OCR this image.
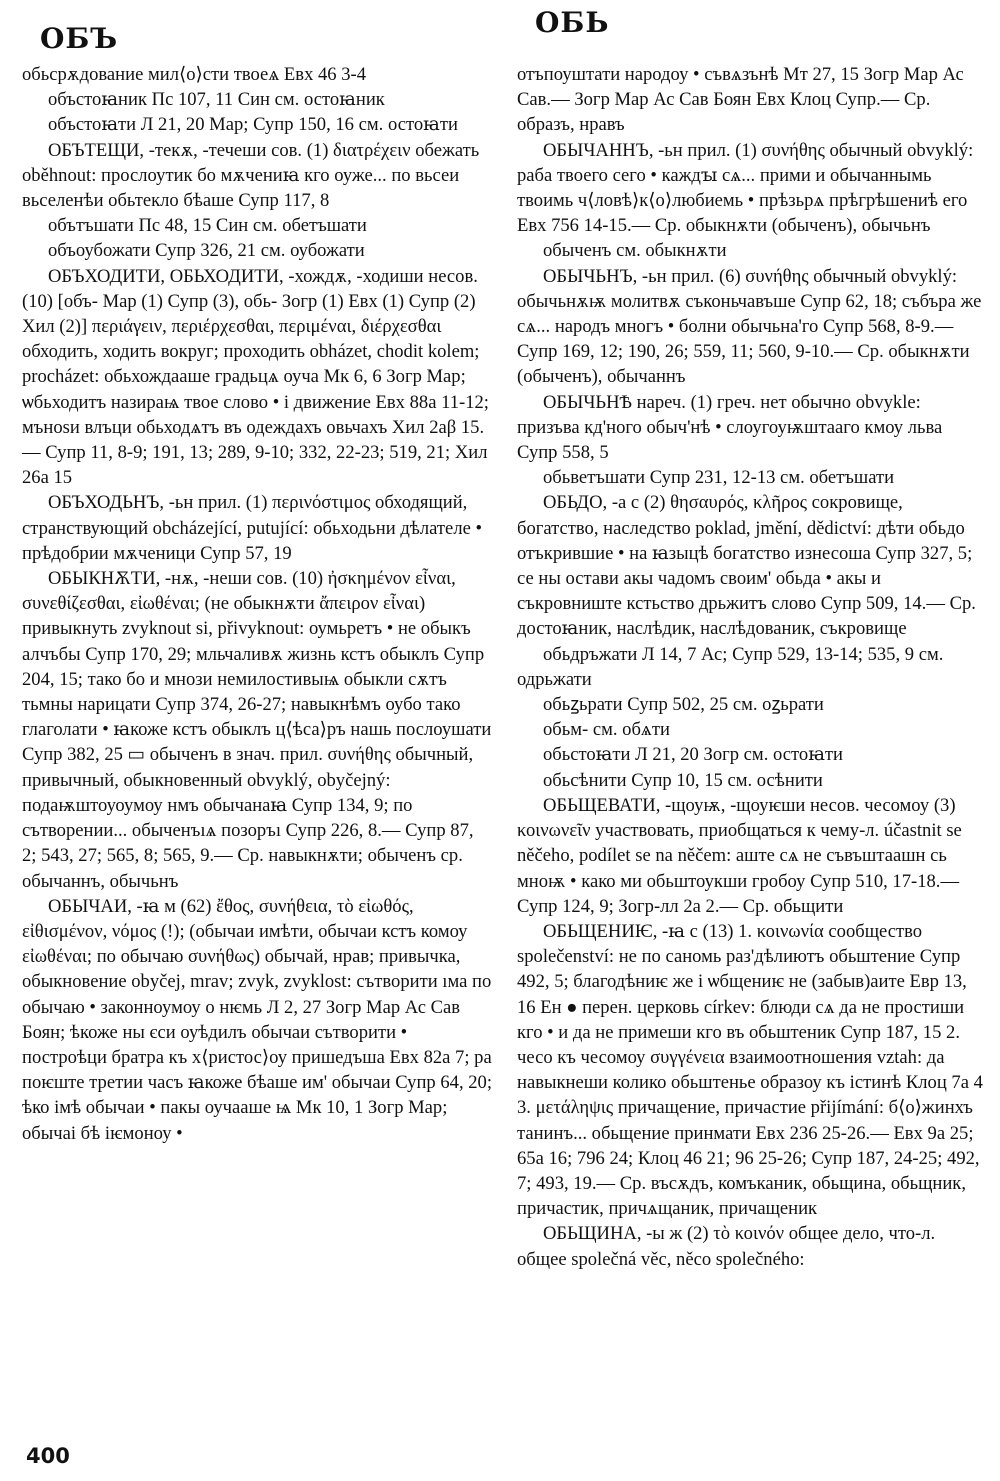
ОБЪ	ОБЬ

обьсрѫдование мил⟨о⟩сти твоеѧ Евх 46 3-4

объстоꙗник Пс 107, 11 Син см. остоꙗник

объстоꙗти Л 21, 20 Мар; Супр 150, 16 см. остоꙗти

ОБЪТЕЩИ, -текѫ, -течеши сов. (1) διατρέχειν обежать oběhnout: прослоутик бо мѫчениꙗ кго оуже... по вьсеи вьселенѣи обьтекло бѣаше Супр 117, 8

обътъшати Пс 48, 15 Син см. обетъшати

объоубожати Супр 326, 21 см. оубожати

ОБЪХОДИТИ, ОБЬХОДИТИ, -хождѫ, -ходиши несов. (10) [объ- Мар (1) Супр (3), обь- Зогр (1) Евх (1) Супр (2) Хил (2)] περιάγειν, περιέρχεσθαι, περιμέναι, διέρχεσθαι обходить, ходить вокруг; проходить obházet, chodit kolem; procházet: обьхождааше градьцѧ оуча Мк 6, 6 Зогр Мар; ѡбьходитъ назираѩ твое слово • і движение Евх 88а 11-12; мъноѕи влъци обьходѧтъ въ одеждахъ овьчахъ Хил 2aβ 15.— Супр 11, 8-9; 191, 13; 289, 9-10; 332, 22-23; 519, 21; Хил 26а 15

ОБЪХОДЬНЪ, -ьн прил. (1) περινόστιμος обходящий, странствующий obcházející, putující: обьходьни дѣлателе • прѣдобрии мѫченици Супр 57, 19

ОБЫКНѪТИ, -нѫ, -неши сов. (10) ἠσκημένον εἶναι, συνεθίζεσθαι, εἰωθέναι; (не обыкнѫти ἄπειρον εἶναι) привыкнуть zvyknout si, přivyknout: оумьретъ • не обыкъ алчъбы Супр 170, 29; мльчаливѫ жизнь кстъ обыклъ Супр 204, 15; тако бо и мнози немилостивыѩ обыкли сѫтъ тьмны нарицати Супр 374, 26-27; навыкнѣмъ оубо тако глаголати • ꙗкоже кстъ обыклъ ц⟨ѣса⟩ръ нашь послоушати Супр 382, 25 ▭ обыченъ в знач. прил. συνήθης обычный, привычный, обыкновенный obvyklý, obyčejný: подаѭштоуоумоу нмъ обычанаꙗ Супр 134, 9; по сътворении... обыченъıѧ позоръı Супр 226, 8.— Супр 87, 2; 543, 27; 565, 8; 565, 9.— Ср. навыкнѫти; обыченъ ср. обычаннъ, обычьнъ

ОБЫЧАИ, -ꙗ м (62) ἔθος, συνήθεια, τὸ εἰωθός, εἰθισμένον, νόμος (!); (обычаи имѣти, обычаи кстъ комоу εἰωθέναι; по обычаю συνήθως) обычай, нрав; привычка, обыкновение obyčej, mrav; zvyk, zvyklost: сътворити ıма по обычаю • законноумоу о нѥмь Л 2, 27 Зогр Мар Ас Сав Боян; ѣкоже ны єси оуѣдилъ обычаи сътворити • построѣци братра къ х⟨ристос⟩оу пришедъша Евх 82а 7; ра поѥште третии часъ ꙗкоже бѣаше им' обычаи Супр 64, 20; ѣко імѣ обычаи • пакы оучааше ѩ Мк 10, 1 Зогр Мар; обычаі бѣ іѥмоноу •

отъпоуштати народоу • съвѧзънѣ Мт 27, 15 Зогр Мар Ас Сав.— Зогр Мар Ас Сав Боян Евх Клоц Супр.— Ср. образъ, нравъ

ОБЫЧАННЪ, -ьн прил. (1) συνήθης обычный obvyklý: раба твоего сего • каждꙑ сѧ... прими и обычаннымь твоимь ч⟨ловѣ⟩к⟨о⟩любиемь • прѣзьрѧ прѣгрѣшениѣ его Евх 756 14-15.— Ср. обыкнѫти (обыченъ), обычьнъ

обыченъ см. обыкнѫти

ОБЫЧЬНЪ, -ьн прил. (6) συνήθης обычный obvyklý: обычьнѫѭ молитвѫ съконьчавъше Супр 62, 18; събъра же сѧ... народъ многъ • болни обычьна'го Супр 568, 8-9.— Супр 169, 12; 190, 26; 559, 11; 560, 9-10.— Ср. обыкнѫти (обыченъ), обычаннъ

ОБЫЧЬНѢ нареч. (1) греч. нет обычно obvykle: призъва кд'ного обыч'нѣ • слоугоуѭштааго кмоу льва Супр 558, 5

обьветъшати Супр 231, 12-13 см. обетъшати

ОБЬДО, -а с (2) θησαυρός, κλῆρος сокровище, богатство, наследство poklad, jmění, dědictví: дѣти обьдо отъкрившие • на ꙗзыцѣ богатство изнесоша Супр 327, 5; се ны остави акы чадомъ своим' обьда • акы и съкровниште кстьство дрьжитъ слово Супр 509, 14.— Ср. достоꙗник, наслѣдик, наслѣдованик, съкровище

обьдръжати Л 14, 7 Ас; Супр 529, 13-14; 535, 9 см. одрьжати

обьꙁьрати Супр 502, 25 см. оꙁьрати

обьм- см. обѧти

обьстоꙗти Л 21, 20 Зогр см. остоꙗти

обьсѣнити Супр 10, 15 см. осѣнити

ОБЬЩЕВАТИ, -щоуѭ, -щоуѥши несов. чесомоу (3) κοινωνεῖν участвовать, приобщаться к чему-л. účastnit se něčeho, podílet se na něčem: аште сѧ не съвъштаашн сь мноѭ • како ми обьштоукши гробоу Супр 510, 17-18.— Супр 124, 9; Зогр-лл 2а 2.— Ср. обьщити

ОБЬЩЕНИѤ, -ꙗ с (13) 1. κοινωνία сообщество společenství: не по саномь раз'дѣлиютъ обьштение Супр 492, 5; благодѣниѥ же і ѡбщениѥ не (забыв)аите Евр 13, 16 Ен ● перен. церковь církev: блюди сѧ да не простиши кго • и да не примеши кго въ обьштеник Супр 187, 15 2. чесо къ чесомоу συγγένεια взаимоотношения vztah: да навыкнеши колико обьштенье образоу къ істинѣ Клоц 7а 4 3. μετάληψις причащение, причастие přijímání: б⟨о⟩жинхъ танинъ... обьщение принмати Евх 236 25-26.— Евх 9а 25; 65а 16; 796 24; Клоц 46 21; 96 25-26; Супр 187, 24-25; 492, 7; 493, 19.— Ср. въсѫдъ, комъканик, обьщина, обьщник, причастик, причѧщаник, причащеник

ОБЬЩИНА, -ы ж (2) τὸ κοινόν общее дело, что-л. общее společná věc, něco společného:

400
